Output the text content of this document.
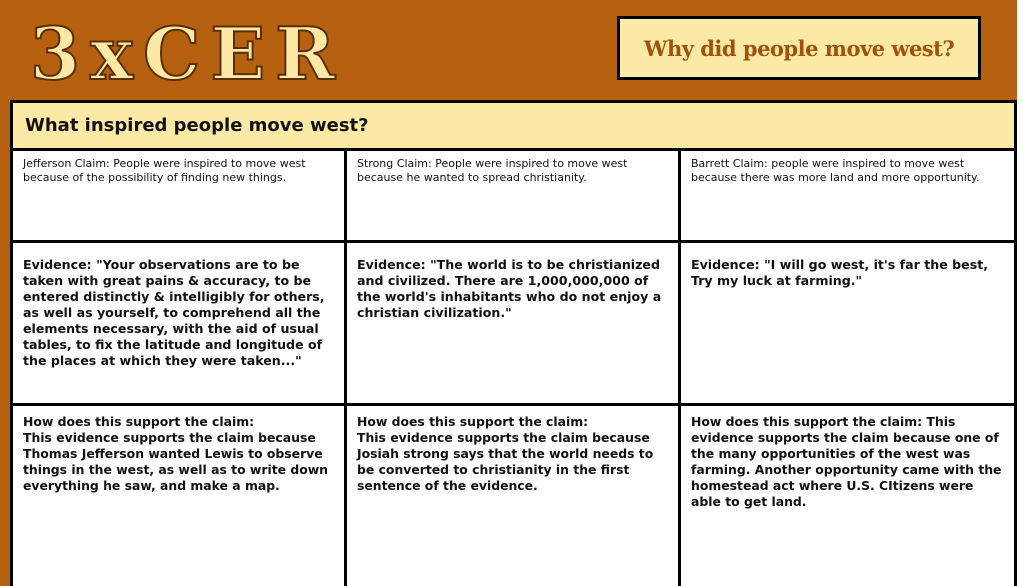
3xCER	Why did people move west?
What inspired people move west?
Jefferson Claim: People were inspired to move west because of the possibility of finding new things.
Strong Claim: People were inspired to move west because he wanted to spread christianity.
Barrett Claim: people were inspired to move west because there was more land and more opportunity.
Evidence: "Your observations are to be taken with great pains & accuracy, to be entered distinctly & intelligibly for others, as well as yourself, to comprehend all the elements necessary, with the aid of usual tables, to fix the latitude and longitude of the places at which they were taken..."
Evidence: "The world is to be christianized and civilized. There are 1,000,000,000 of the world's inhabitants who do not enjoy a christian civilization."
Evidence: "I will go west, it's far the best, Try my luck at farming."
How does this support the claim:
This evidence supports the claim because Thomas Jefferson wanted Lewis to observe things in the west, as well as to write down everything he saw, and make a map.
How does this support the claim:
This evidence supports the claim because Josiah strong says that the world needs to be converted to christianity in the first sentence of the evidence.
How does this support the claim: This evidence supports the claim because one of the many opportunities of the west was farming. Another opportunity came with the homestead act where U.S. CItizens were able to get land.
